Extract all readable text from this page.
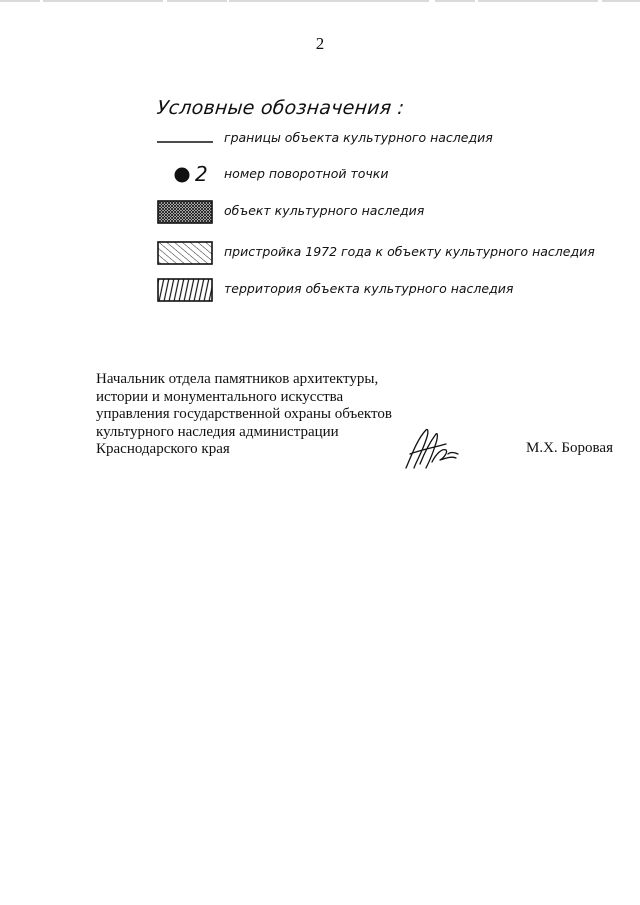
2
Условные обозначения :
границы объекта культурного наследия
2 номер поворотной точки
объект культурного наследия
пристройка 1972 года к объекту культурного наследия
территория объекта культурного наследия
Начальник отдела памятников архитектуры,
истории и монументального искусства
управления государственной охраны объектов
культурного наследия администрации
Краснодарского края	М.Х. Боровая
